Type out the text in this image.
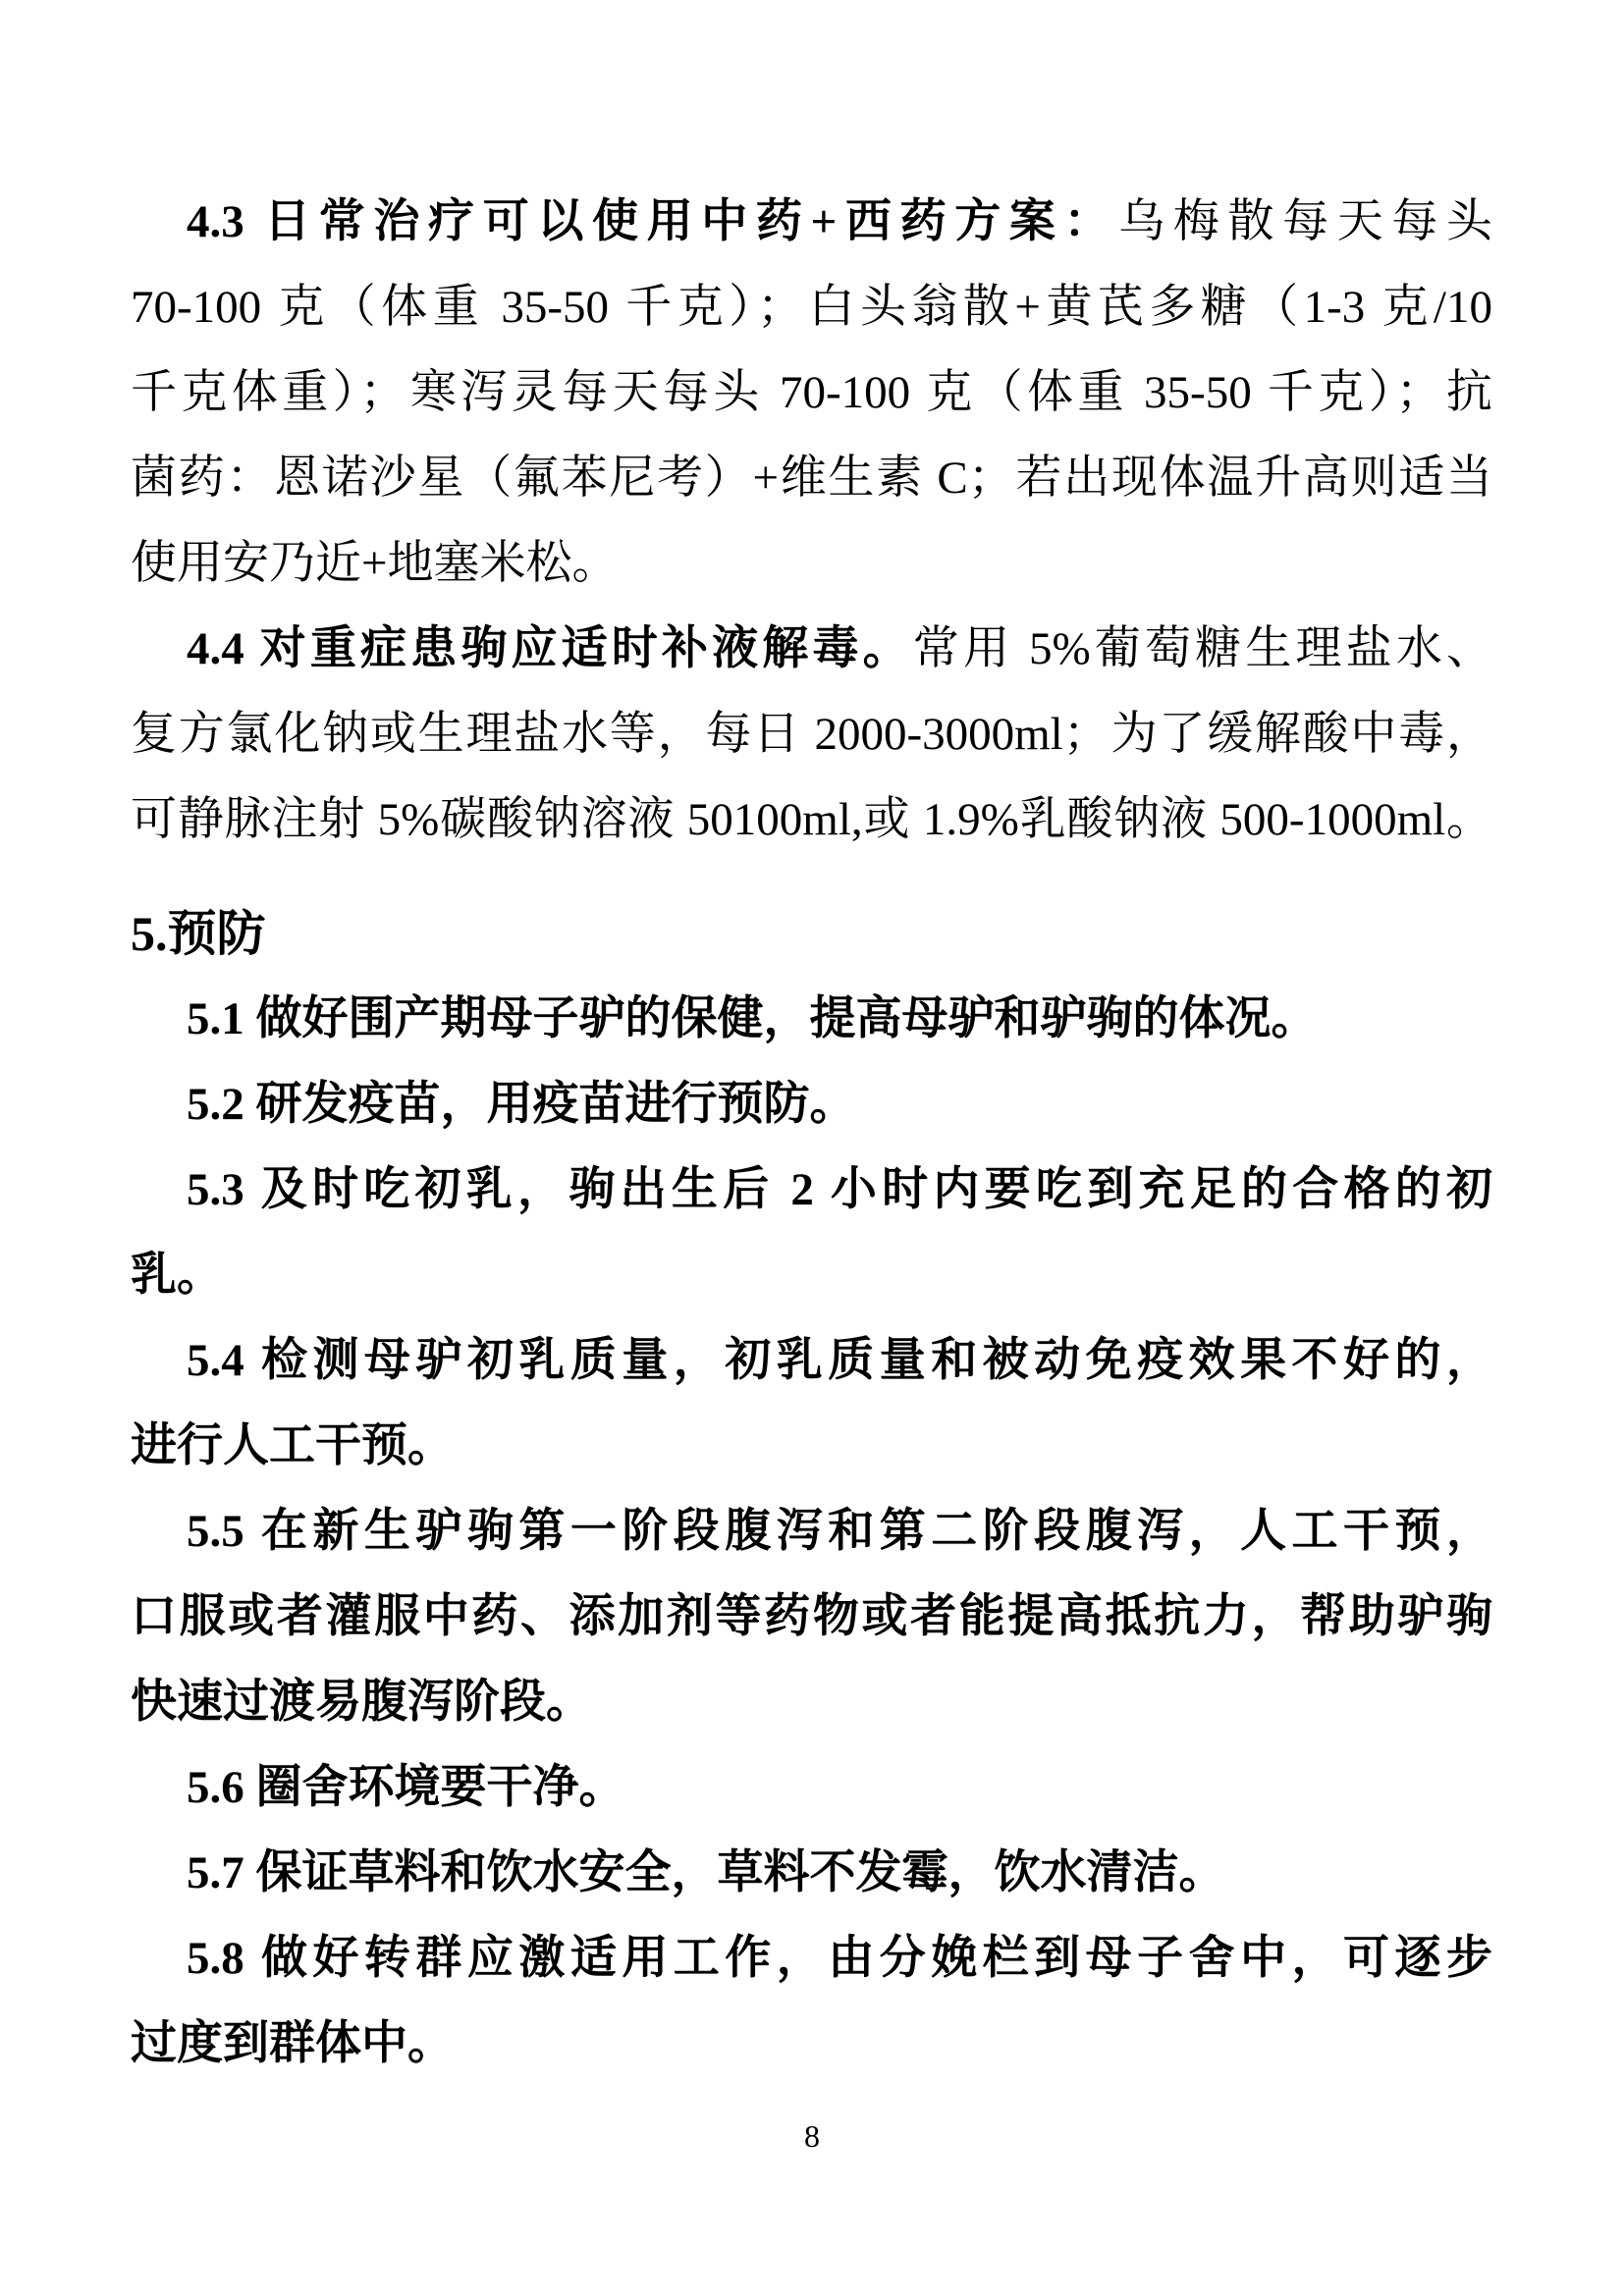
4.3 日常治疗可以使用中药+西药方案：乌梅散每天每头
70-100 克（体重 35-50 千克）；白头翁散+黄芪多糖（1-3 克/10
千克体重）；寒泻灵每天每头 70-100 克（体重 35-50 千克）；抗
菌药：恩诺沙星（氟苯尼考）+维生素 C；若出现体温升高则适当
使用安乃近+地塞米松。
4.4 对重症患驹应适时补液解毒。常用 5%葡萄糖生理盐水、
复方氯化钠或生理盐水等，每日 2000-3000ml；为了缓解酸中毒，
可静脉注射 5%碳酸钠溶液 50100ml,或 1.9%乳酸钠液 500-1000ml。
5.预防
5.1 做好围产期母子驴的保健，提高母驴和驴驹的体况。
5.2 研发疫苗，用疫苗进行预防。
5.3 及时吃初乳，驹出生后 2 小时内要吃到充足的合格的初
乳。
5.4 检测母驴初乳质量，初乳质量和被动免疫效果不好的，
进行人工干预。
5.5 在新生驴驹第一阶段腹泻和第二阶段腹泻，人工干预，
口服或者灌服中药、添加剂等药物或者能提高抵抗力，帮助驴驹
快速过渡易腹泻阶段。
5.6 圈舍环境要干净。
5.7 保证草料和饮水安全，草料不发霉，饮水清洁。
5.8 做好转群应激适用工作，由分娩栏到母子舍中，可逐步
过度到群体中。
8
